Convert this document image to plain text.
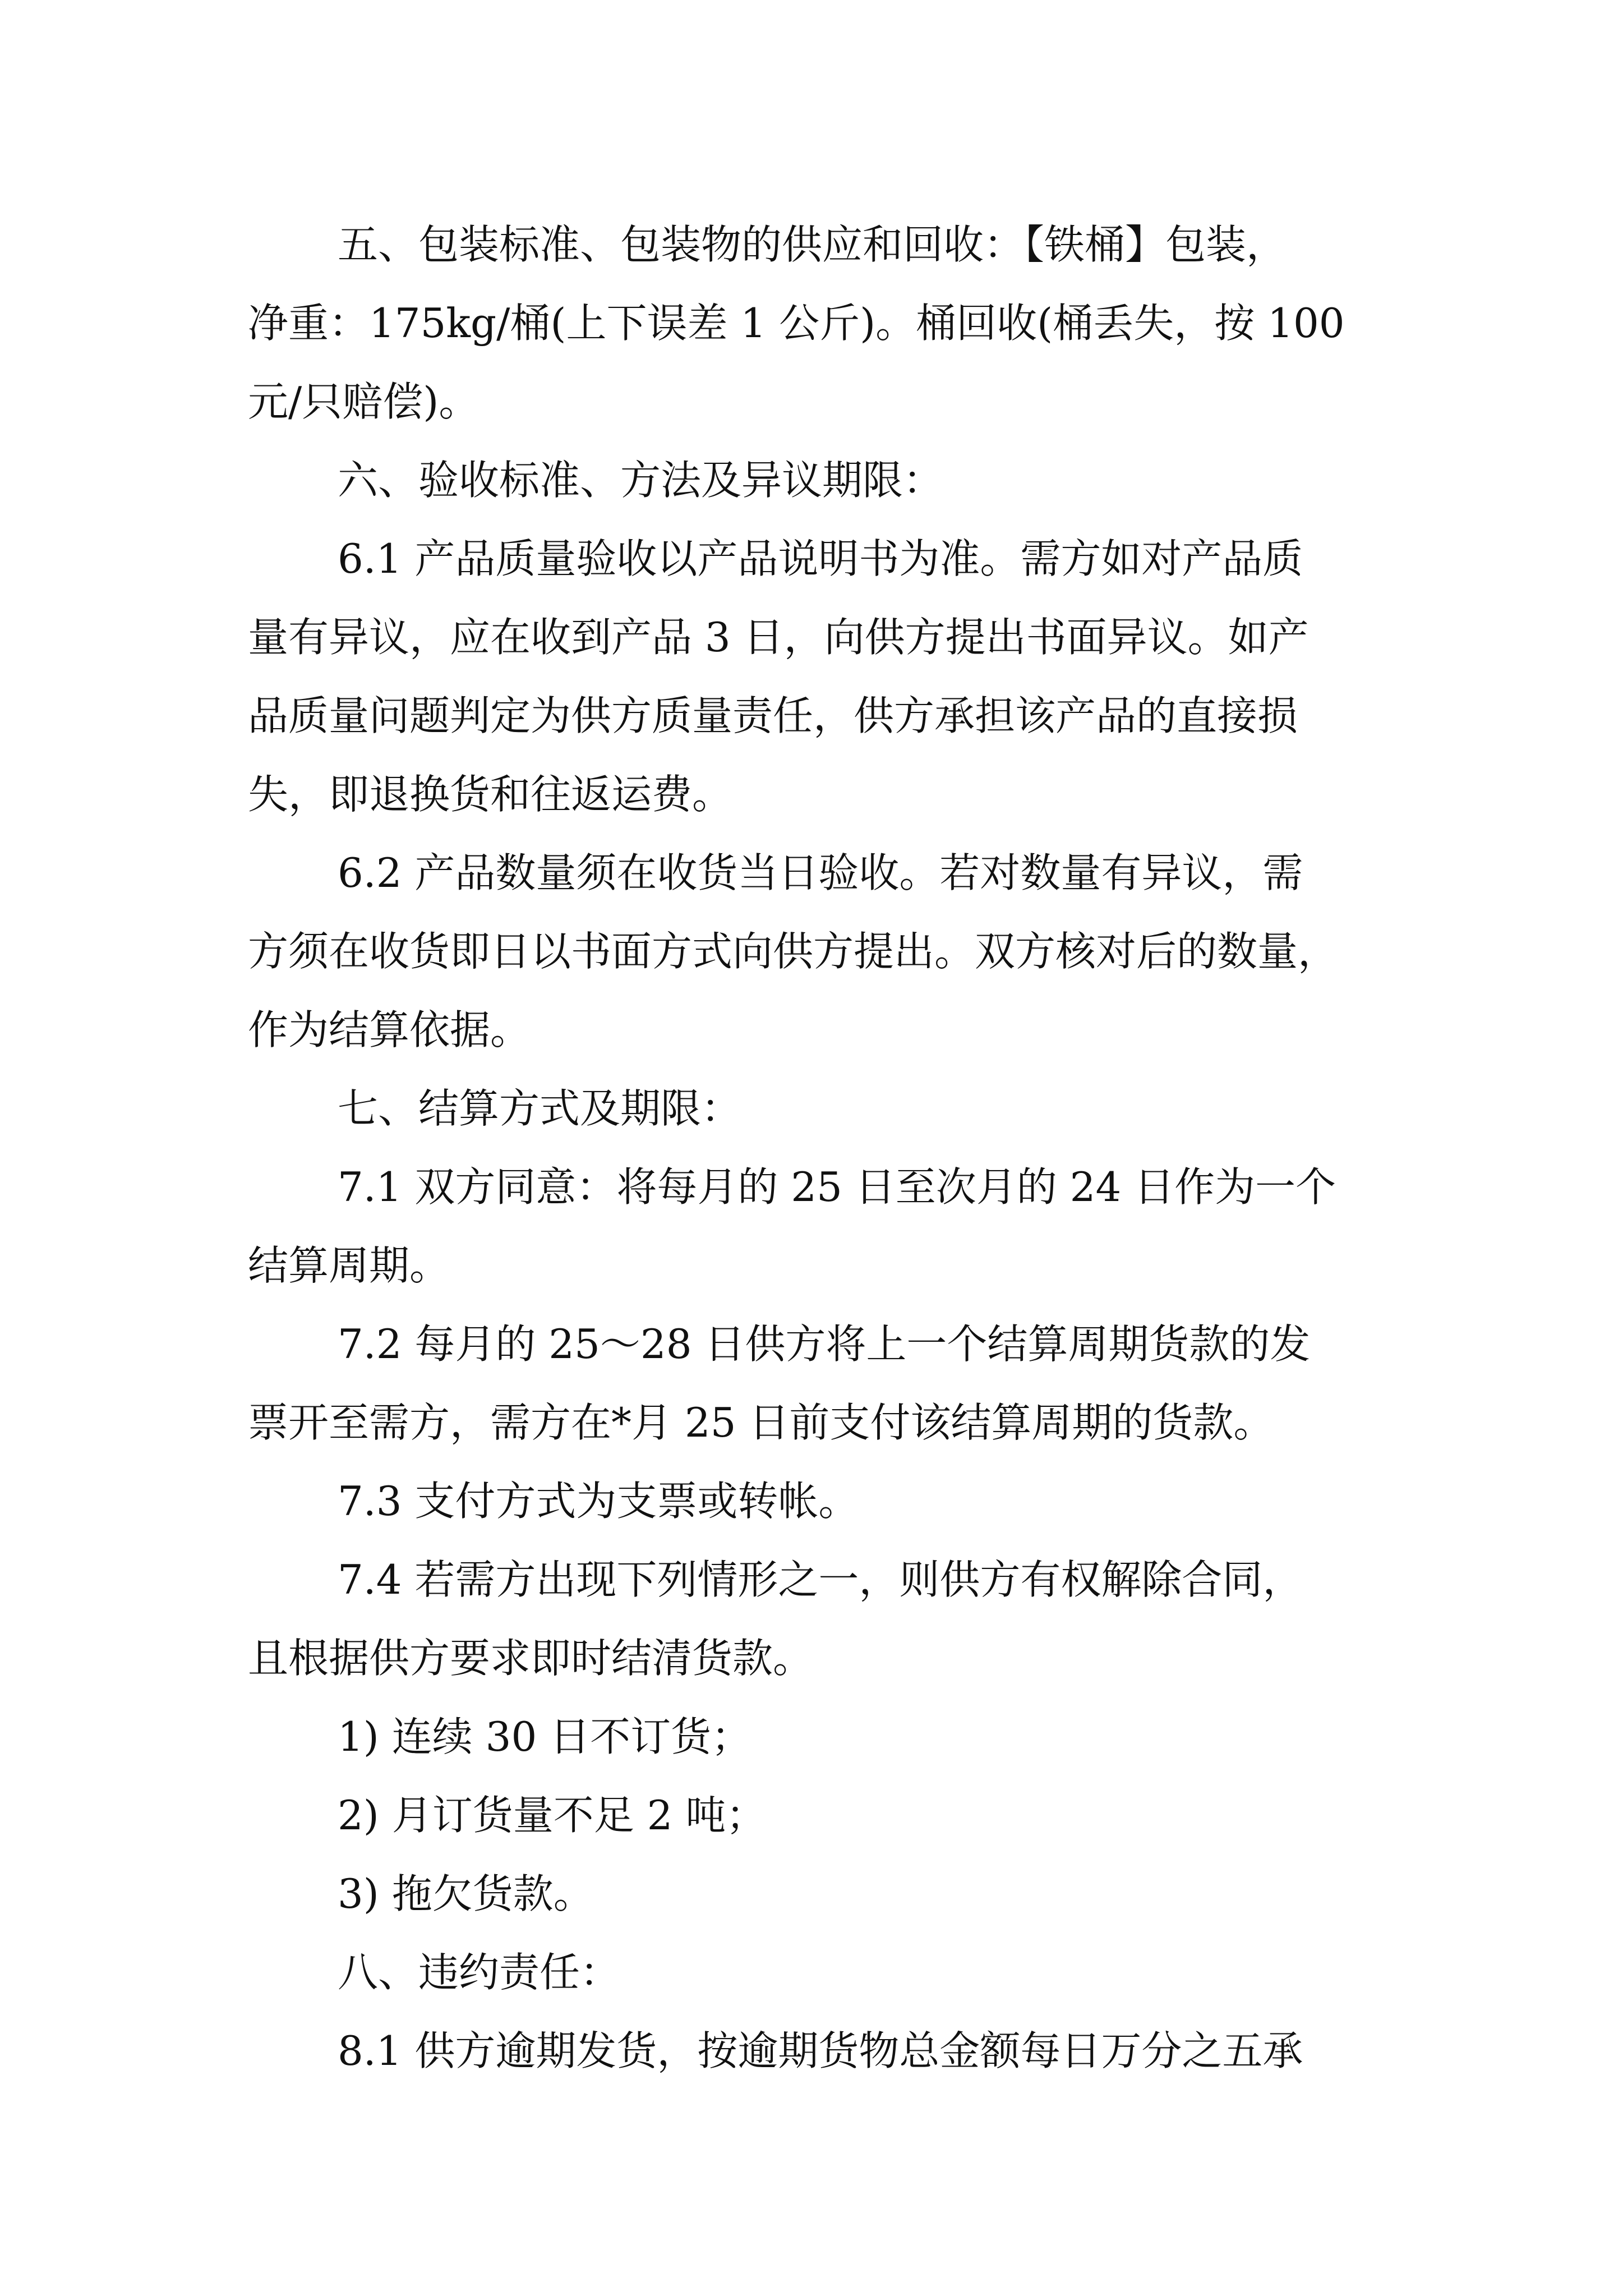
五、包装标准、包装物的供应和回收：【铁桶】包装，
净重：175kg/桶(上下误差 1 公斤)。桶回收(桶丢失，按 100
元/只赔偿)。
六、验收标准、方法及异议期限：
6.1 产品质量验收以产品说明书为准。需方如对产品质
量有异议，应在收到产品 3 日，向供方提出书面异议。如产
品质量问题判定为供方质量责任，供方承担该产品的直接损
失，即退换货和往返运费。
6.2 产品数量须在收货当日验收。若对数量有异议，需
方须在收货即日以书面方式向供方提出。双方核对后的数量，
作为结算依据。
七、结算方式及期限：
7.1 双方同意：将每月的 25 日至次月的 24 日作为一个
结算周期。
7.2 每月的 25～28 日供方将上一个结算周期货款的发
票开至需方，需方在*月 25 日前支付该结算周期的货款。
7.3 支付方式为支票或转帐。
7.4 若需方出现下列情形之一，则供方有权解除合同，
且根据供方要求即时结清货款。
1) 连续 30 日不订货；
2) 月订货量不足 2 吨；
3) 拖欠货款。
八、违约责任：
8.1 供方逾期发货，按逾期货物总金额每日万分之五承
